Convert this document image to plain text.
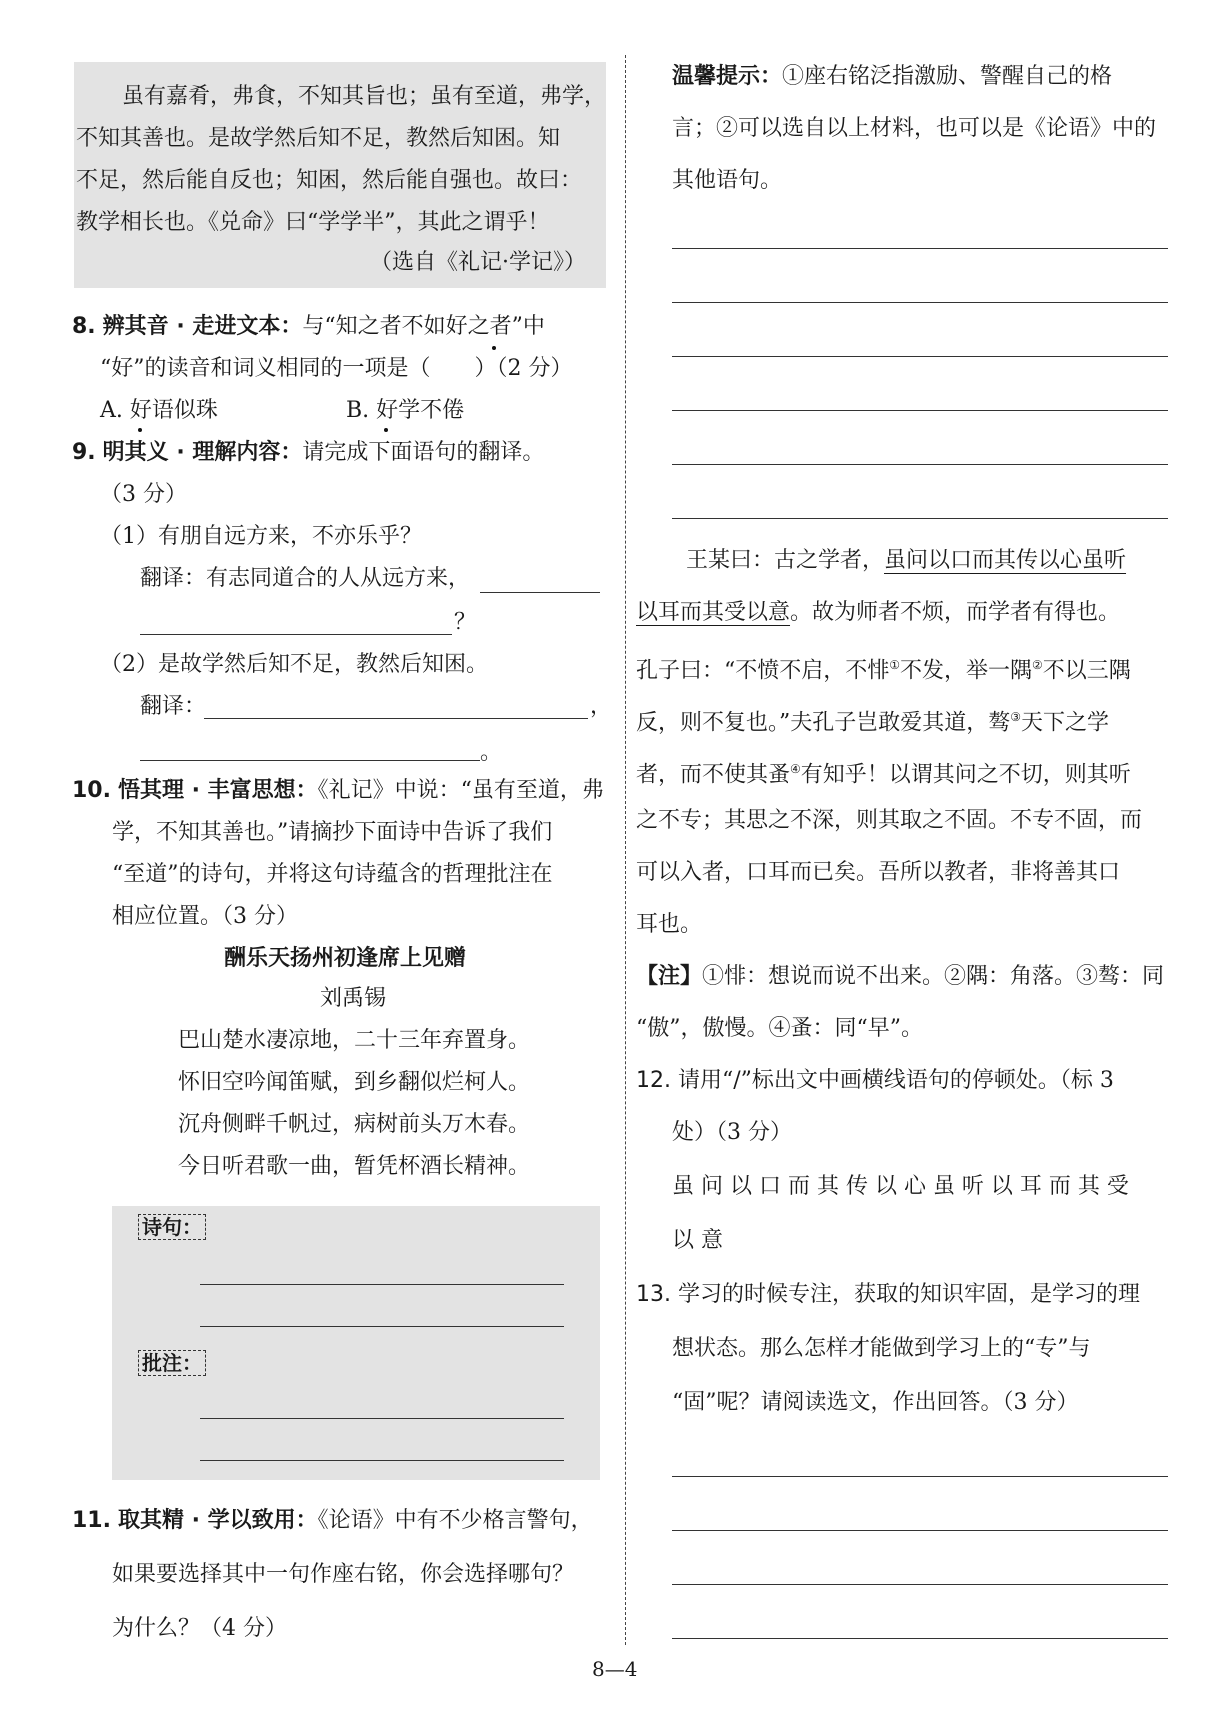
虽有嘉肴，弗食，不知其旨也；虽有至道，弗学，
不知其善也。是故学然后知不足，教然后知困。知
不足，然后能自反也；知困，然后能自强也。故曰：
教学相长也。《兑命》曰“学学半”，其此之谓乎！
（选自《礼记·学记》）
8. 辨其音 · 走进文本：与“知之者不如好之者”中
“好”的读音和词义相同的一项是（　　）（2 分）
A. 好语似珠	B. 好学不倦
9. 明其义 · 理解内容：请完成下面语句的翻译。
（3 分）
（1）有朋自远方来，不亦乐乎？
翻译：有志同道合的人从远方来，
？
（2）是故学然后知不足，教然后知困。
翻译：	，
。
10. 悟其理 · 丰富思想：《礼记》中说：“虽有至道，弗
学，不知其善也。”请摘抄下面诗中告诉了我们
“至道”的诗句，并将这句诗蕴含的哲理批注在
相应位置。（3 分）
酬乐天扬州初逢席上见赠
刘禹锡
巴山楚水凄凉地，二十三年弃置身。
怀旧空吟闻笛赋，到乡翻似烂柯人。
沉舟侧畔千帆过，病树前头万木春。
今日听君歌一曲，暂凭杯酒长精神。
诗句：
批注：
11. 取其精 · 学以致用：《论语》中有不少格言警句，
如果要选择其中一句作座右铭，你会选择哪句？
为什么？（4 分）
温馨提示：①座右铭泛指激励、警醒自己的格
言；②可以选自以上材料，也可以是《论语》中的
其他语句。
王某曰：古之学者，虽问以口而其传以心虽听
以耳而其受以意。故为师者不烦，而学者有得也。
孔子曰：“不愤不启，不悱①不发，举一隅②不以三隅
反，则不复也。”夫孔子岂敢爱其道，骜③天下之学
者，而不使其蚤④有知乎！以谓其问之不切，则其听
之不专；其思之不深，则其取之不固。不专不固，而
可以入者，口耳而已矣。吾所以教者，非将善其口
耳也。
【注】①悱：想说而说不出来。②隅：角落。③骜：同
“傲”，傲慢。④蚤：同“早”。
12. 请用“/”标出文中画横线语句的停顿处。（标 3
处）（3 分）
虽 问 以 口 而 其 传 以 心 虽 听 以 耳 而 其 受
以 意
13. 学习的时候专注，获取的知识牢固，是学习的理
想状态。那么怎样才能做到学习上的“专”与
“固”呢？请阅读选文，作出回答。（3 分）
8—4
